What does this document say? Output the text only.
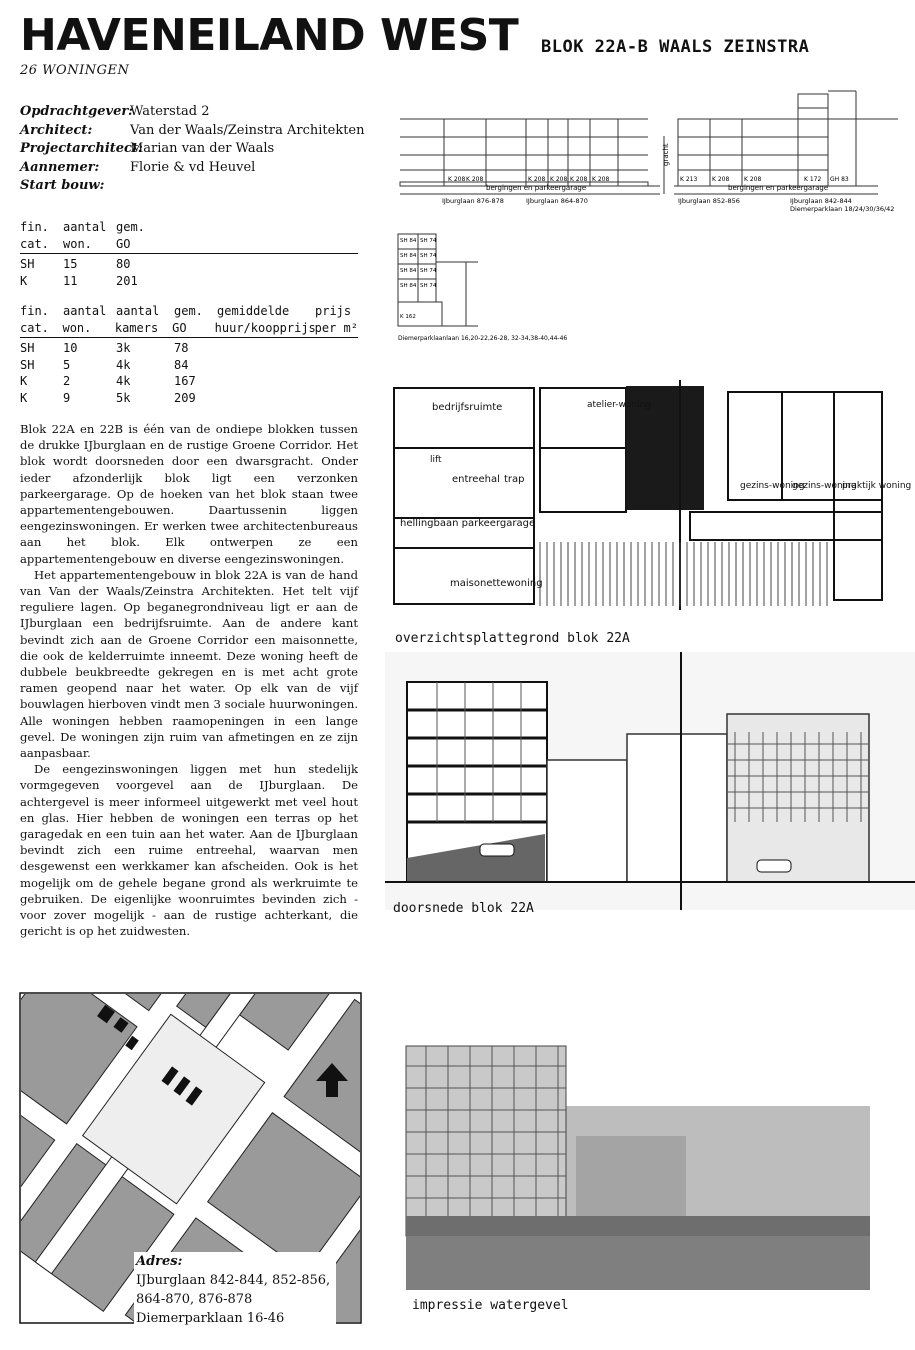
HAVENEILAND WEST BLOK 22A-B WAALS ZEINSTRA
26 WONINGEN
Opdrachtgever:
Waterstad 2
Architect:	Van der Waals/Zeinstra Architekten
Projectarchitect:
Marian van der Waals
Aannemer:	Florie & vd Heuvel
Start bouw:
fin.	aantal gem.
cat.	won.	GO
SH	15	80
K	11	201
fin.	aantal aantal	gem.	gemiddelde	prijs
cat.	won.	kamers	GO	huur/koopprijs
per m²
SH	10	3k	78
SH	5	4k	84
K	2	4k	167
K	9	5k	209

Blok 22A en 22B is één van de ondiepe blokken tussen de drukke IJburglaan en de rustige Groene Corridor. Het blok wordt doorsneden door een dwarsgracht. Onder ieder afzonderlijk blok ligt een verzonken parkeergarage. Op de hoeken van het blok staan twee appartementengebouwen. Daartussenin liggen eengezinswoningen. Er werken twee architectenbureaus aan het blok. Elk ontwerpen ze een appartementengebouw en diverse eengezinswoningen.

Het appartementengebouw in blok 22A is van de hand van Van der Waals/Zeinstra Architekten. Het telt vijf reguliere lagen. Op beganegrondniveau ligt er aan de IJburglaan een bedrijfsruimte. Aan de andere kant bevindt zich aan de Groene Corridor een maisonnette, die ook de kelderruimte inneemt. Deze woning heeft de dubbele beukbreedte gekregen en is met acht grote ramen geopend naar het water. Op elk van de vijf bouwlagen hierboven vindt men 3 sociale huurwoningen. Alle woningen hebben raamopeningen in een lange gevel. De woningen zijn ruim van afmetingen en ze zijn aanpasbaar.

De eengezinswoningen liggen met hun stedelijk vormgegeven voorgevel aan de IJburglaan. De achtergevel is meer informeel uitgewerkt met veel hout en glas. Hier hebben de woningen een terras op het garagedak en een tuin aan het water. Aan de IJburglaan bevindt zich een ruime entreehal, waarvan men desgewenst een werkkamer kan afscheiden. Ook is het mogelijk om de gehele begane grond als werkruimte te gebruiken. De eigenlijke woonruimtes bevinden zich - voor zover mogelijk - aan de rustige achterkant, die gericht is op het zuidwesten.

bergingen en parkeergarage	bergingen en parkeergarage
gracht
K 208 K 208	K 208 K 208 K 208 K 208	K 213 K 208 K 208	K 172 GH 83
IJburglaan 876-878	IJburglaan 864-870	IJburglaan 852-856	IJburglaan 842-844
Diemerparklaan 18/24/30/36/42
SH 84 SH 74
SH 84 SH 74
SH 84 SH 74
SH 84 SH 74
K 162
Diemerparklaanlaan 16,20-22,26-28, 32-34,38-40,44-46
bedrijfsruimte	atelier-woning
lift
entreehal trap
hellingbaan parkeergarage
maisonettewoning
gezins-woning
gezins-woning
praktijk woning
overzichtsplattegrond blok 22A
doorsnede blok 22A
Adres:
IJburglaan 842-844, 852-856,
864-870, 876-878
Diemerparklaan 16-46
impressie watergevel
